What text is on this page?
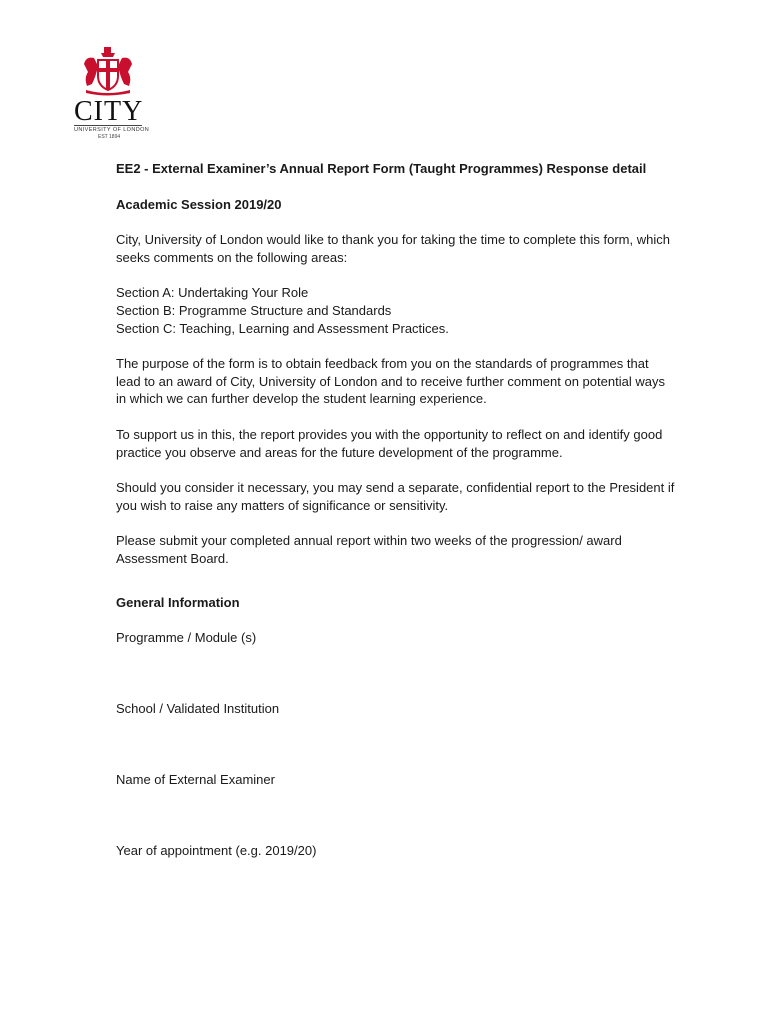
CITY
UNIVERSITY OF LONDON
EST 1894

EE2 - External Examiner’s Annual Report Form (Taught Programmes) Response detail

Academic Session 2019/20

City, University of London would like to thank you for taking the time to complete this form, which seeks comments on the following areas:

Section A: Undertaking Your Role

Section B: Programme Structure and Standards

Section C: Teaching, Learning and Assessment Practices.

The purpose of the form is to obtain feedback from you on the standards of programmes that lead to an award of City, University of London and to receive further comment on potential ways in which we can further develop the student learning experience.

To support us in this, the report provides you with the opportunity to reflect on and identify good practice you observe and areas for the future development of the programme.

Should you consider it necessary, you may send a separate, confidential report to the President if you wish to raise any matters of significance or sensitivity.

Please submit your completed annual report within two weeks of the progression/ award Assessment Board.

General Information

Programme / Module (s)

School / Validated Institution

Name of External Examiner

Year of appointment (e.g. 2019/20)
